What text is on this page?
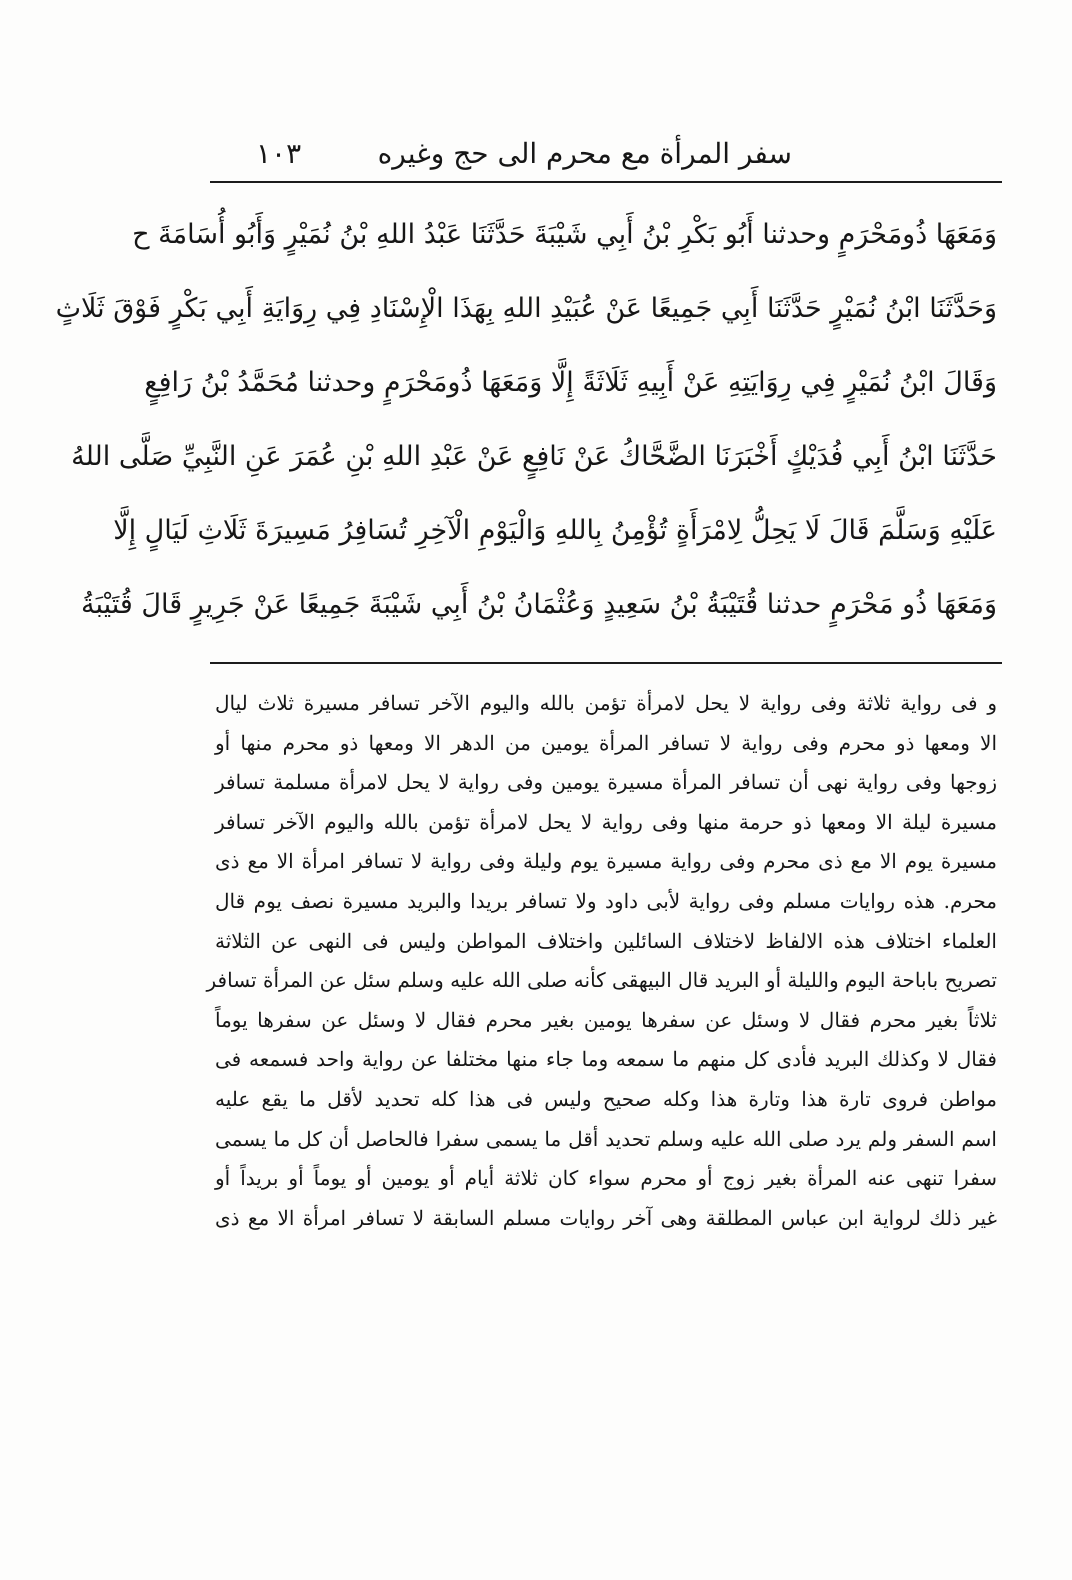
سفر المرأة مع محرم الى حج وغيره
١٠٣
وَمَعَهَا ذُومَحْرَمٍ وحدثنا أَبُو بَكْرِ بْنُ أَبِي شَيْبَةَ حَدَّثَنَا عَبْدُ اللهِ بْنُ نُمَيْرٍ وَأَبُو أُسَامَةَ ح
وَحَدَّثَنَا ابْنُ نُمَيْرٍ حَدَّثَنَا أَبِي جَمِيعًا عَنْ عُبَيْدِ اللهِ بِهَذَا الْإِسْنَادِ فِي رِوَايَةِ أَبِي بَكْرٍ فَوْقَ ثَلَاثٍ
وَقَالَ ابْنُ نُمَيْرٍ فِي رِوَايَتِهِ عَنْ أَبِيهِ ثَلَاثَةً إِلَّا وَمَعَهَا ذُومَحْرَمٍ وحدثنا مُحَمَّدُ بْنُ رَافِعٍ
حَدَّثَنَا ابْنُ أَبِي فُدَيْكٍ أَخْبَرَنَا الضَّحَّاكُ عَنْ نَافِعٍ عَنْ عَبْدِ اللهِ بْنِ عُمَرَ عَنِ النَّبِيِّ صَلَّى اللهُ
عَلَيْهِ وَسَلَّمَ قَالَ لَا يَحِلُّ لِامْرَأَةٍ تُؤْمِنُ بِاللهِ وَالْيَوْمِ الْآخِرِ تُسَافِرُ مَسِيرَةَ ثَلَاثِ لَيَالٍ إِلَّا
وَمَعَهَا ذُو مَحْرَمٍ حدثنا قُتَيْبَةُ بْنُ سَعِيدٍ وَعُثْمَانُ بْنُ أَبِي شَيْبَةَ جَمِيعًا عَنْ جَرِيرٍ قَالَ قُتَيْبَةُ
و فى رواية ثلاثة وفى رواية لا يحل لامرأة تؤمن بالله واليوم الآخر تسافر مسيرة ثلاث ليال
الا ومعها ذو محرم وفى رواية لا تسافر المرأة يومين من الدهر الا ومعها ذو محرم منها أو
زوجها وفى رواية نهى أن تسافر المرأة مسيرة يومين وفى رواية لا يحل لامرأة مسلمة تسافر
مسيرة ليلة الا ومعها ذو حرمة منها وفى رواية لا يحل لامرأة تؤمن بالله واليوم الآخر تسافر
مسيرة يوم الا مع ذى محرم وفى رواية مسيرة يوم وليلة وفى رواية لا تسافر امرأة الا مع ذى
محرم. هذه روايات مسلم وفى رواية لأبى داود ولا تسافر بريدا والبريد مسيرة نصف يوم قال
العلماء اختلاف هذه الالفاظ لاختلاف السائلين واختلاف المواطن وليس فى النهى عن الثلاثة
تصريح باباحة اليوم والليلة أو البريد قال البيهقى كأنه صلى الله عليه وسلم سئل عن المرأة تسافر
ثلاثاً بغير محرم فقال لا وسئل عن سفرها يومين بغير محرم فقال لا وسئل عن سفرها يوماً
فقال لا وكذلك البريد فأدى كل منهم ما سمعه وما جاء منها مختلفا عن رواية واحد فسمعه فى
مواطن فروى تارة هذا وتارة هذا وكله صحيح وليس فى هذا كله تحديد لأقل ما يقع عليه
اسم السفر ولم يرد صلى الله عليه وسلم تحديد أقل ما يسمى سفرا فالحاصل أن كل ما يسمى
سفرا تنهى عنه المرأة بغير زوج أو محرم سواء كان ثلاثة أيام أو يومين أو يوماً أو بريداً أو
غير ذلك لرواية ابن عباس المطلقة وهى آخر روايات مسلم السابقة لا تسافر امرأة الا مع ذى
